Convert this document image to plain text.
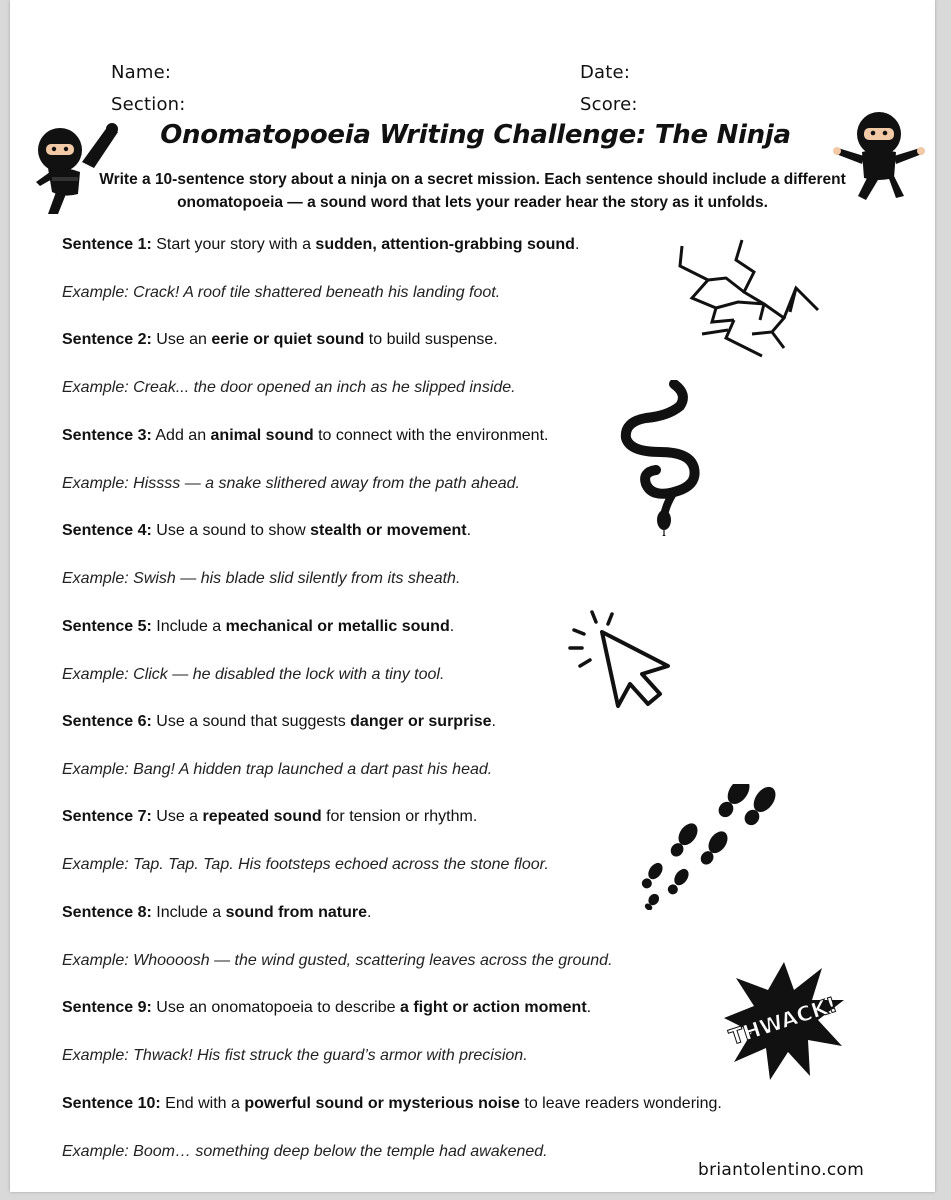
Name:	Date:
Section:	Score:
Onomatopoeia Writing Challenge: The Ninja
Write a 10-sentence story about a ninja on a secret mission. Each sentence should include a different onomatopoeia — a sound word that lets your reader hear the story as it unfolds.
Sentence 1: Start your story with a sudden, attention-grabbing sound.
Example: Crack! A roof tile shattered beneath his landing foot.
Sentence 2: Use an eerie or quiet sound to build suspense.
Example: Creak... the door opened an inch as he slipped inside.
Sentence 3: Add an animal sound to connect with the environment.
Example: Hissss — a snake slithered away from the path ahead.
Sentence 4: Use a sound to show stealth or movement.
Example: Swish — his blade slid silently from its sheath.
Sentence 5: Include a mechanical or metallic sound.
Example: Click — he disabled the lock with a tiny tool.
Sentence 6: Use a sound that suggests danger or surprise.
Example: Bang! A hidden trap launched a dart past his head.
Sentence 7: Use a repeated sound for tension or rhythm.
Example: Tap. Tap. Tap. His footsteps echoed across the stone floor.
Sentence 8: Include a sound from nature.
Example: Whoooosh — the wind gusted, scattering leaves across the ground.
Sentence 9: Use an onomatopoeia to describe a fight or action moment.
Example: Thwack! His fist struck the guard’s armor with precision.
Sentence 10: End with a powerful sound or mysterious noise to leave readers wondering.
Example: Boom… something deep below the temple had awakened.
THWACK!
briantolentino.com
